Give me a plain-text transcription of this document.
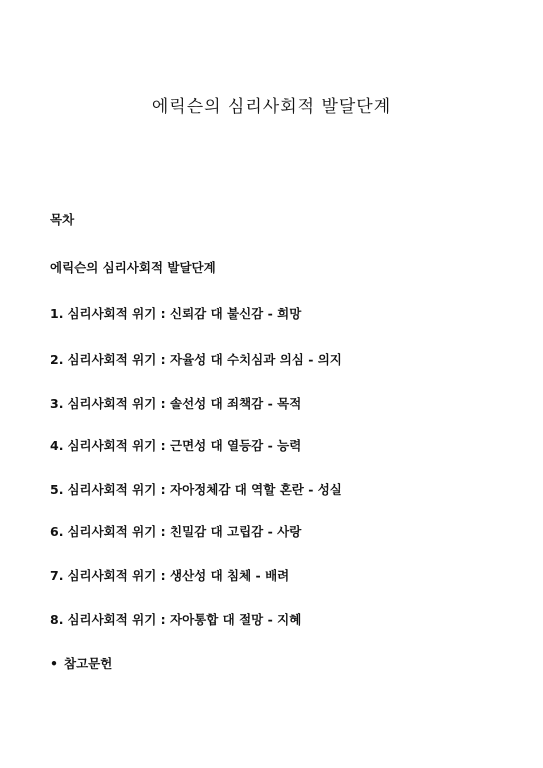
에릭슨의 심리사회적 발달단계
목차
에릭슨의 심리사회적 발달단계
1. 심리사회적 위기 : 신뢰감 대 불신감 - 희망
2. 심리사회적 위기 : 자율성 대 수치심과 의심 - 의지
3. 심리사회적 위기 : 솔선성 대 죄책감 - 목적
4. 심리사회적 위기 : 근면성 대 열등감 - 능력
5. 심리사회적 위기 : 자아정체감 대 역할 혼란 - 성실
6. 심리사회적 위기 : 친밀감 대 고립감 - 사랑
7. 심리사회적 위기 : 생산성 대 침체 - 배려
8. 심리사회적 위기 : 자아통합 대 절망 - 지혜
• 참고문헌
